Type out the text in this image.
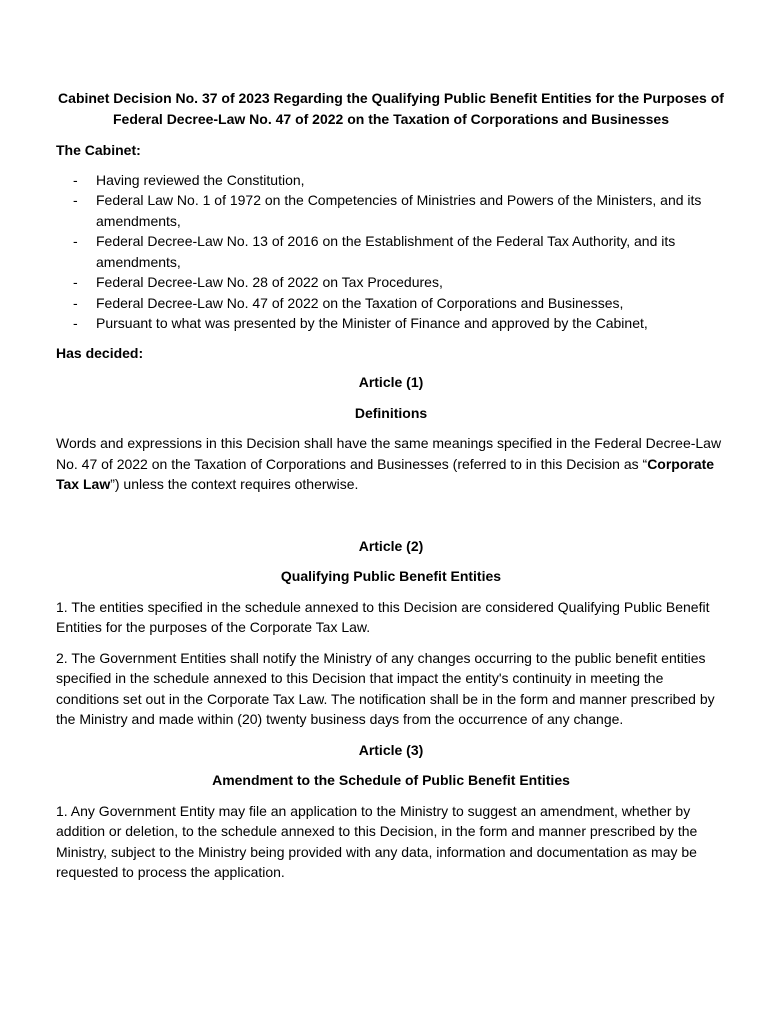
Cabinet Decision No. 37 of 2023 Regarding the Qualifying Public Benefit Entities for the Purposes of Federal Decree-Law No. 47 of 2022 on the Taxation of Corporations and Businesses

The Cabinet:

- Having reviewed the Constitution,
- Federal Law No. 1 of 1972 on the Competencies of Ministries and Powers of the Ministers, and its amendments,
- Federal Decree-Law No. 13 of 2016 on the Establishment of the Federal Tax Authority, and its amendments,
- Federal Decree-Law No. 28 of 2022 on Tax Procedures,
- Federal Decree-Law No. 47 of 2022 on the Taxation of Corporations and Businesses,
- Pursuant to what was presented by the Minister of Finance and approved by the Cabinet,

Has decided:

Article (1)

Definitions

Words and expressions in this Decision shall have the same meanings specified in the Federal Decree-Law No. 47 of 2022 on the Taxation of Corporations and Businesses (referred to in this Decision as “Corporate Tax Law”) unless the context requires otherwise.

Article (2)

Qualifying Public Benefit Entities

1. The entities specified in the schedule annexed to this Decision are considered Qualifying Public Benefit Entities for the purposes of the Corporate Tax Law.

2. The Government Entities shall notify the Ministry of any changes occurring to the public benefit entities specified in the schedule annexed to this Decision that impact the entity's continuity in meeting the conditions set out in the Corporate Tax Law. The notification shall be in the form and manner prescribed by the Ministry and made within (20) twenty business days from the occurrence of any change.

Article (3)

Amendment to the Schedule of Public Benefit Entities

1. Any Government Entity may file an application to the Ministry to suggest an amendment, whether by addition or deletion, to the schedule annexed to this Decision, in the form and manner prescribed by the Ministry, subject to the Ministry being provided with any data, information and documentation as may be requested to process the application.
